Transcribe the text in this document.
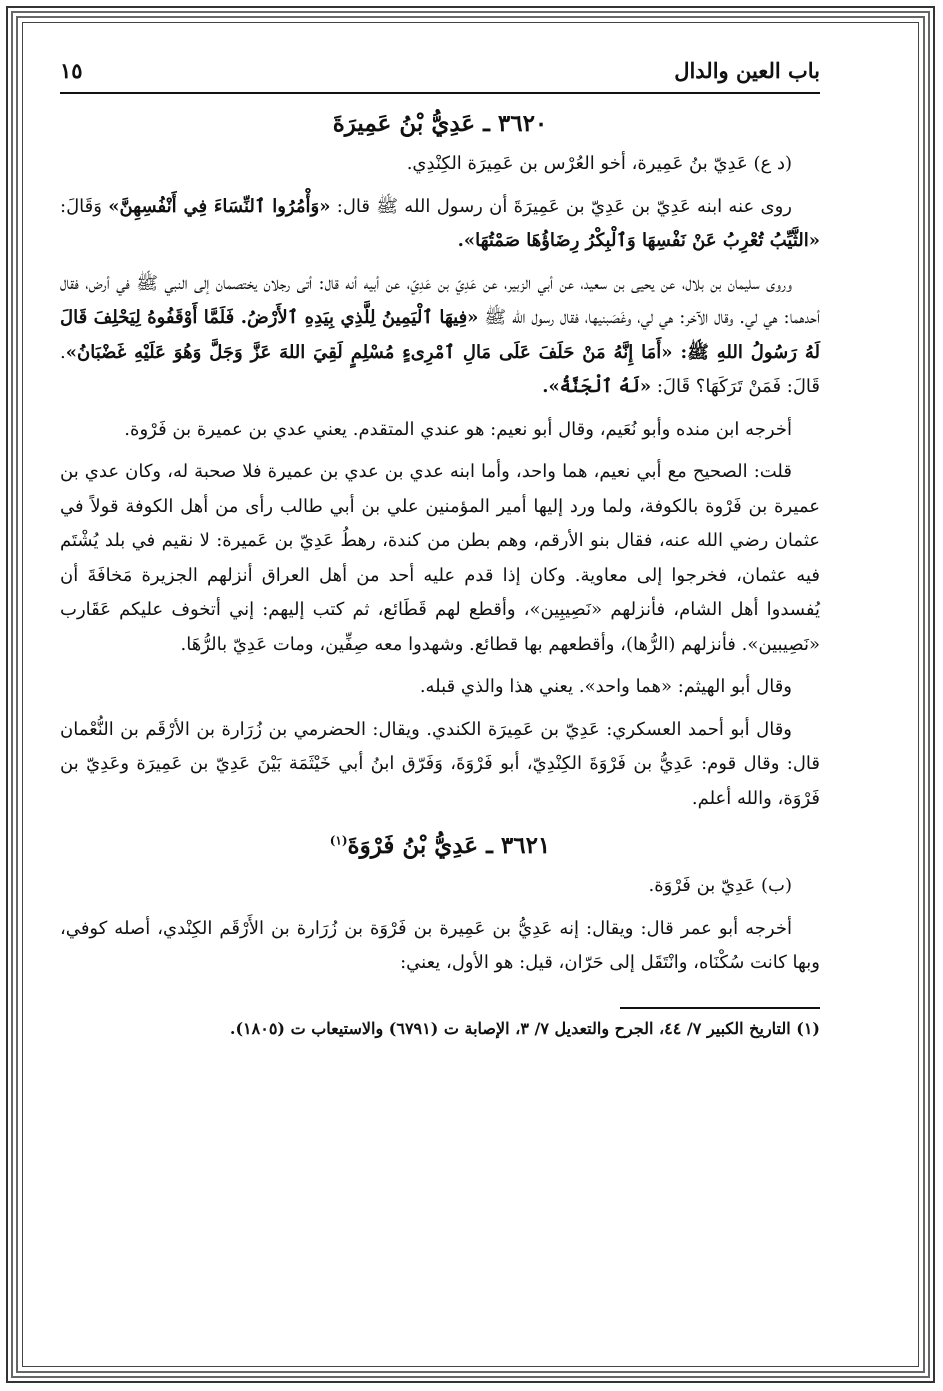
باب العين والدال
١٥
٣٦٢٠ ـ عَدِيُّ بْنُ عَمِيرَةَ

(د ع) عَدِيّ بنُ عَمِيرة، أخو العُرْس بن عَمِيرَة الكِنْدِي.

روى عنه ابنه عَدِيّ بن عَدِيّ بن عَمِيرَةَ أن رسول الله ﷺ قال: «وَأْمُرُوا ٱلنِّسَاءَ فِي أَنْفُسِهِنَّ» وَقَالَ: «الثَّيِّبُ تُعْرِبُ عَنْ نَفْسِهَا وَٱلْبِكْرُ رِضَاؤُهَا صَمْتُهَا».

وروى سليمان بن بلال، عن يحيى بن سعيد، عن أبي الزبير، عن عَدِيّ بن عَدِيّ، عن أبيه أنه قال: أتى رجلان يختصمان إلى النبي ﷺ في أرض، فقال أحدهما: هي لي. وقال الآخر: هي لي، وغَصَبنيها، فقال رسول الله ﷺ «فِيهَا ٱلْيَمِينُ لِلَّذِي بِيَدِهِ ٱلأَرْضُ. فَلَمَّا أَوْقَفُوهُ لِيَحْلِفَ قَالَ لَهُ رَسُولُ اللهِ ﷺ: «أَمَا إِنَّهُ مَنْ حَلَفَ عَلَى مَالِ ٱمْرِىءٍ مُسْلِمٍ لَقِيَ اللهَ عَزَّ وَجَلَّ وَهُوَ عَلَيْهِ غَضْبَانُ». قَالَ: فَمَنْ تَرَكَهَا؟ قَالَ: «لَهُ ٱلْجَنَّةُ».

أخرجه ابن منده وأبو نُعَيم، وقال أبو نعيم: هو عندي المتقدم. يعني عدي بن عميرة بن فَرْوة.

قلت: الصحيح مع أبي نعيم، هما واحد، وأما ابنه عدي بن عدي بن عميرة فلا صحبة له، وكان عدي بن عميرة بن فَرْوة بالكوفة، ولما ورد إليها أمير المؤمنين علي بن أبي طالب رأى من أهل الكوفة قولاً في عثمان رضي الله عنه، فقال بنو الأرقم، وهم بطن من كندة، رهطُ عَدِيّ بن عَميرة: لا نقيم في بلد يُشْتَم فيه عثمان، فخرجوا إلى معاوية. وكان إذا قدم عليه أحد من أهل العراق أنزلهم الجزيرة مَخافَةَ أن يُفسدوا أهل الشام، فأنزلهم «نَصِيبِين»، وأقطع لهم قَطَائع، ثم كتب إليهم: إني أتخوف عليكم عَقَارب «نَصِيبين». فأنزلهم (الرُّها)، وأقطعهم بها قطائع. وشهدوا معه صِفِّين، ومات عَدِيّ بالرُّهَا.

وقال أبو الهيثم: «هما واحد». يعني هذا والذي قبله.

وقال أبو أحمد العسكري: عَدِيّ بن عَمِيرَة الكندي. ويقال: الحضرمي بن زُرَارة بن الأرْقَم بن النُّعْمان قال: وقال قوم: عَدِيُّ بن فَرْوَةَ الكِنْدِيّ، أبو فَرْوَةَ، وَفَرّق ابنُ أبي خَيْثَمَة بَيْنَ عَدِيّ بن عَمِيرَة وعَدِيّ بن فَرْوَة، والله أعلم.

٣٦٢١ ـ عَدِيُّ بْنُ فَرْوَةَ$^{(١)}$

(ب) عَدِيّ بن فَرْوَة.

أخرجه أبو عمر قال: ويقال: إنه عَدِيُّ بن عَمِيرة بن فَرْوَة بن زُرَارة بن الأَرْقَم الكِنْدي، أصله كوفي، وبها كانت سُكْنَاه، وانْتَقَل إلى حَرّان، قيل: هو الأول، يعني:

(١) التاريخ الكبير ٧/ ٤٤، الجرح والتعديل ٧/ ٣، الإصابة ت (٦٧٩١) والاستيعاب ت (١٨٠٥).
